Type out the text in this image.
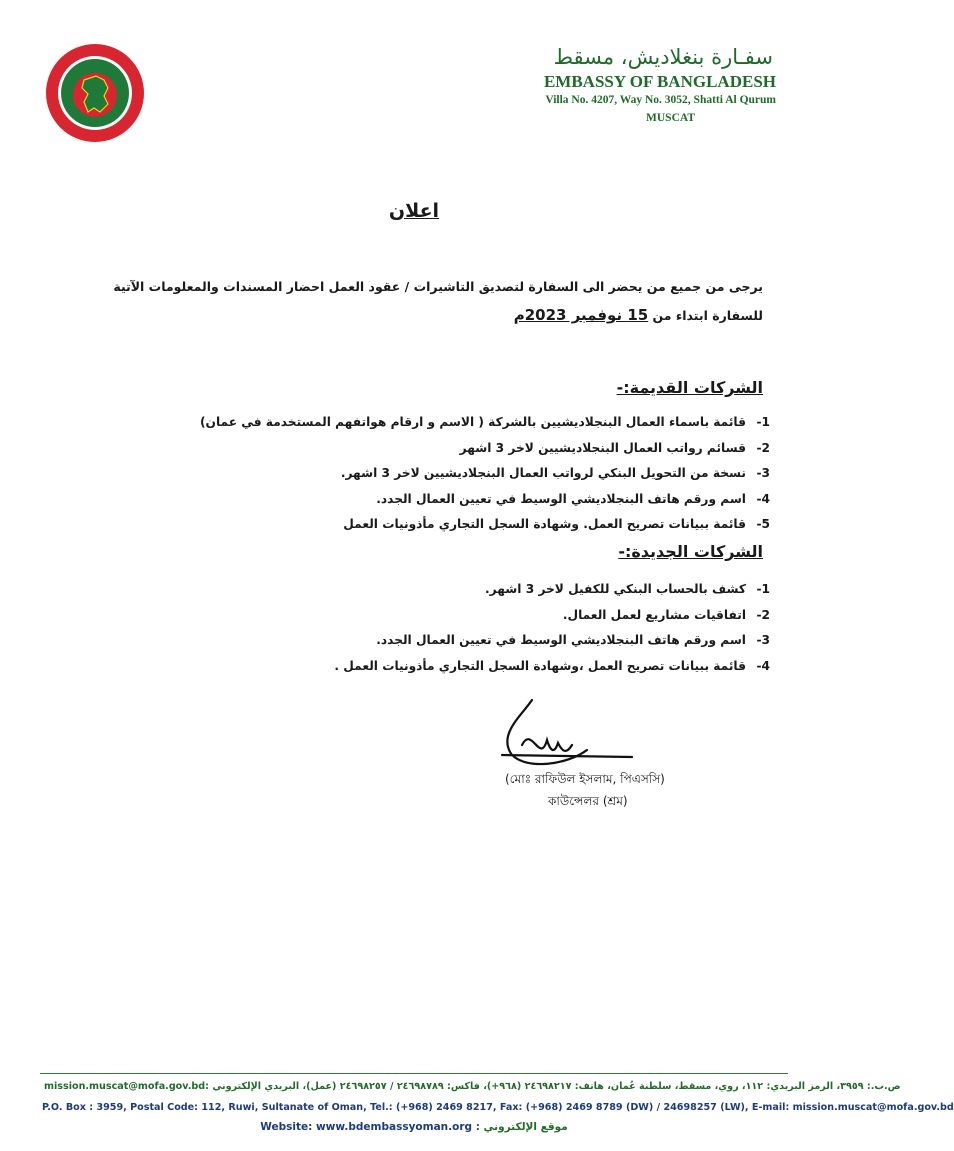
سفـارة بنغلاديش، مسقط
EMBASSY OF BANGLADESH
Villa No. 4207, Way No. 3052, Shatti Al Qurum
MUSCAT
اعلان
يرجى من جميع من يحضر الى السفارة لتصديق التاشيرات / عقود العمل احضار المسندات والمعلومات الآتية
للسفارة ابتداء من 15 نوفمبر 2023م
الشركات القديمة:-
1-قائمة باسماء العمال البنجلاديشيين بالشركة ( الاسم و ارقام هواتفهم المستخدمة في عمان)
2-قسائم رواتب العمال البنجلاديشيين لاخر 3 اشهر
3-نسخة من التحويل البنكي لرواتب العمال البنجلاديشيين لاخر 3 اشهر.
4-اسم ورقم هاتف البنجلاديشي الوسيط في تعيين العمال الجدد.
5-قائمة ببيانات تصريح العمل. وشهادة السجل التجاري مأذونيات العمل
الشركات الجديدة:-
1-كشف بالحساب البنكي للكفيل لاخر 3 اشهر.
2-اتفاقيات مشاريع لعمل العمال.
3-اسم ورقم هاتف البنجلاديشي الوسيط في تعيين العمال الجدد.
4-قائمة ببيانات تصريح العمل ،وشهادة السجل التجاري مأذونيات العمل .
(মোঃ রাফিউল ইসলাম, পিএসসি)
কাউন্সেলর (শ্রম)
mission.muscat@mofa.gov.bd ص.ب.: ٣٩٥٩، الرمز البريدي: ١١٢، روي، مسقط، سلطنة عُمان، هاتف: ٢٤٦٩٨٢١٧ (٩٦٨+)، فاكس: ٢٤٦٩٨٧٨٩ / ٢٤٦٩٨٢٥٧ (عمل)، البريدي الإلكتروني :
P.O. Box : 3959, Postal Code: 112, Ruwi, Sultanate of Oman, Tel.: (+968) 2469 8217, Fax: (+968) 2469 8789 (DW) / 24698257 (LW), E-mail: mission.muscat@mofa.gov.bd
Website: www.bdembassyoman.org : موقع الإلكتروني
